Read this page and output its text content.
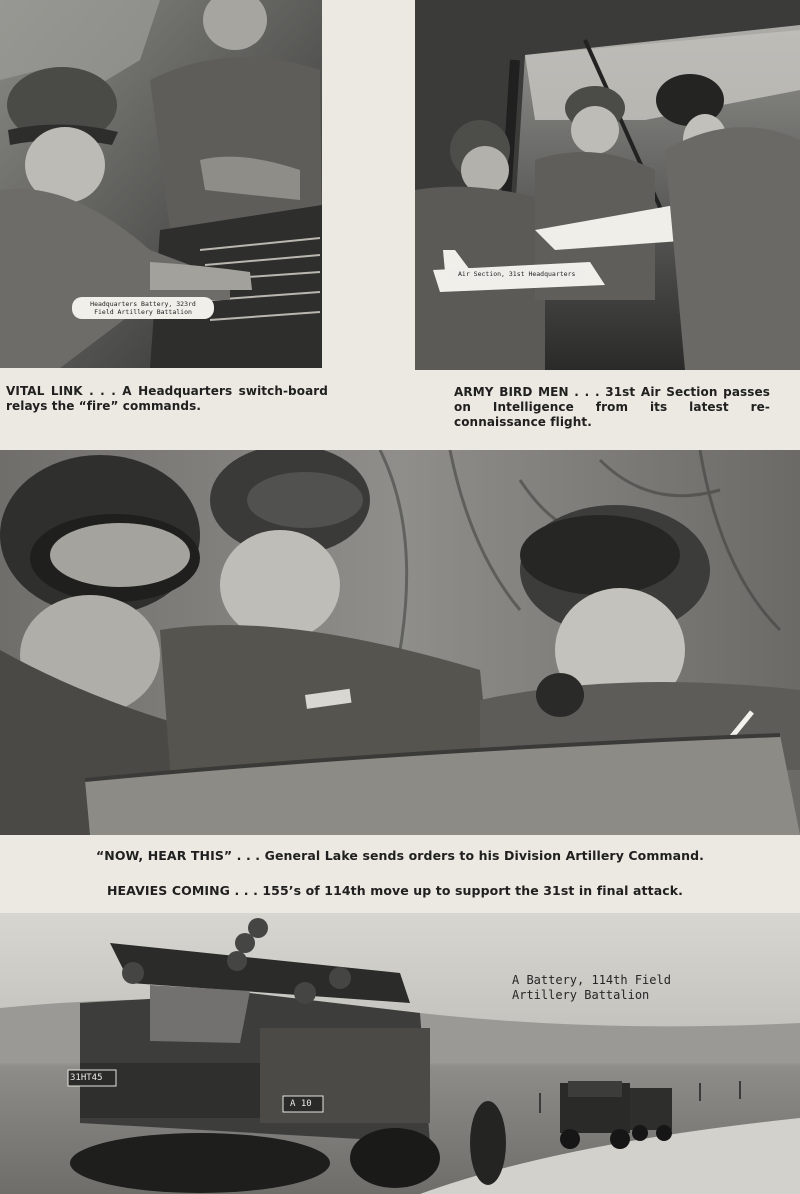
Headquarters Battery, 323rd
Field Artillery Battalion
Air Section, 31st Headquarters
VITAL LINK . . . A Headquarters switch-board relays the “fire” commands.
ARMY BIRD MEN . . . 31st Air Section passes on Intelligence from its latest re-connaissance flight.
“NOW, HEAR THIS” . . . General Lake sends orders to his Division Artillery Command.
HEAVIES COMING . . . 155’s of 114th move up to support the 31st in final attack.
31HT45
A 10
A Battery, 114th Field
Artillery Battalion
